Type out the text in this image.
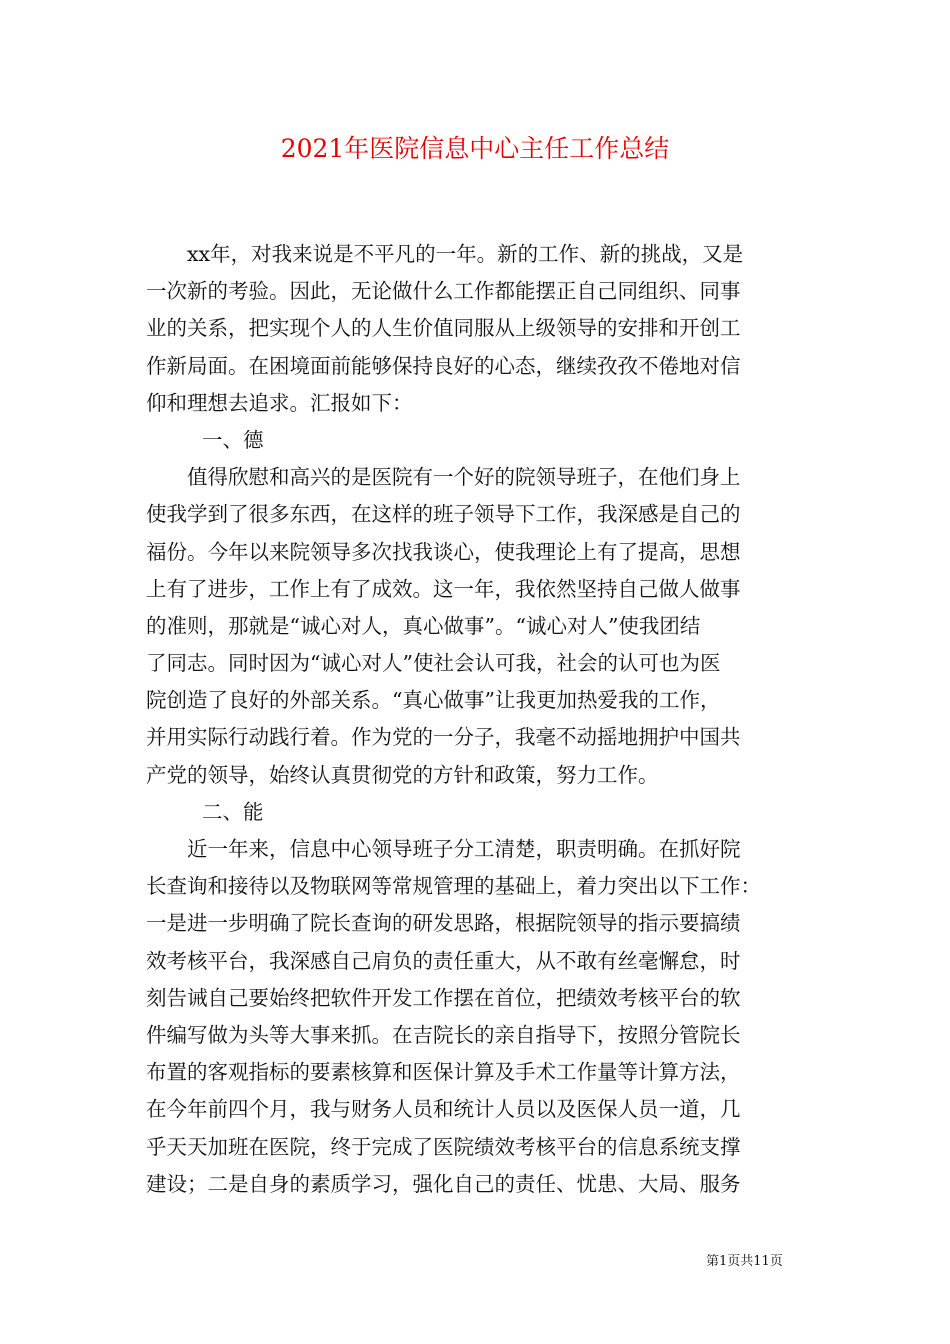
2021年医院信息中心主任工作总结
xx年，对我来说是不平凡的一年。新的工作、新的挑战，又是
一次新的考验。因此，无论做什么工作都能摆正自己同组织、同事
业的关系，把实现个人的人生价值同服从上级领导的安排和开创工
作新局面。在困境面前能够保持良好的心态，继续孜孜不倦地对信
仰和理想去追求。汇报如下：
一、德
值得欣慰和高兴的是医院有一个好的院领导班子，在他们身上
使我学到了很多东西，在这样的班子领导下工作，我深感是自己的
福份。今年以来院领导多次找我谈心，使我理论上有了提高，思想
上有了进步，工作上有了成效。这一年，我依然坚持自己做人做事
的准则，那就是“诚心对人，真心做事”。“诚心对人”使我团结
了同志。同时因为“诚心对人”使社会认可我，社会的认可也为医
院创造了良好的外部关系。“真心做事”让我更加热爱我的工作，
并用实际行动践行着。作为党的一分子，我毫不动摇地拥护中国共
产党的领导，始终认真贯彻党的方针和政策，努力工作。
二、能
近一年来，信息中心领导班子分工清楚，职责明确。在抓好院
长查询和接待以及物联网等常规管理的基础上，着力突出以下工作：
一是进一步明确了院长查询的研发思路，根据院领导的指示要搞绩
效考核平台，我深感自己肩负的责任重大，从不敢有丝毫懈怠，时
刻告诫自己要始终把软件开发工作摆在首位，把绩效考核平台的软
件编写做为头等大事来抓。在吉院长的亲自指导下，按照分管院长
布置的客观指标的要素核算和医保计算及手术工作量等计算方法，
在今年前四个月，我与财务人员和统计人员以及医保人员一道，几
乎天天加班在医院，终于完成了医院绩效考核平台的信息系统支撑
建设；二是自身的素质学习，强化自己的责任、忧患、大局、服务
第1页共11页
